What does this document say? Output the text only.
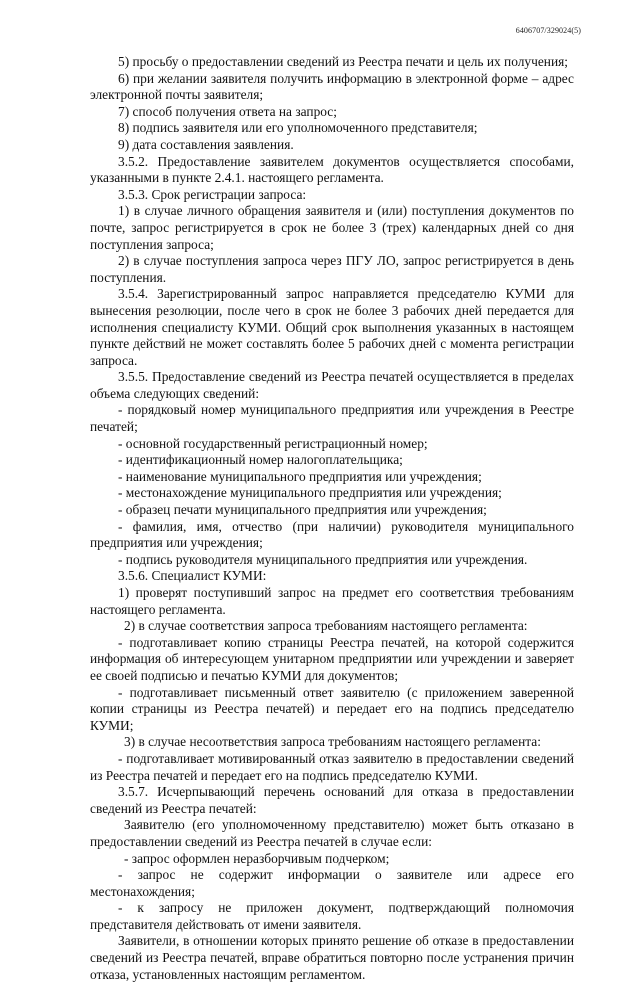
6406707/329024(5)

5) просьбу о предоставлении сведений из Реестра печати и цель их получения;

6) при желании заявителя получить информацию в электронной форме – адрес электронной почты заявителя;

7) способ получения ответа на запрос;

8) подпись заявителя или его уполномоченного представителя;

9) дата составления заявления.

3.5.2. Предоставление заявителем документов осуществляется способами, указанными в пункте 2.4.1. настоящего регламента.

3.5.3. Срок регистрации запроса:

1) в случае личного обращения заявителя и (или) поступления документов по почте, запрос регистрируется в срок не более 3 (трех) календарных дней со дня поступления запроса;

2) в случае поступления запроса через ПГУ ЛО, запрос регистрируется в день поступления.

3.5.4. Зарегистрированный запрос направляется председателю КУМИ для вынесения резолюции, после чего в срок не более 3 рабочих дней передается для исполнения специалисту КУМИ. Общий срок выполнения указанных в настоящем пункте действий не может составлять более 5 рабочих дней с момента регистрации запроса.

3.5.5. Предоставление сведений из Реестра печатей осуществляется в пределах объема следующих сведений:

- порядковый номер муниципального предприятия или учреждения в Реестре печатей;

- основной государственный регистрационный номер;

- идентификационный номер налогоплательщика;

- наименование муниципального предприятия или учреждения;

- местонахождение муниципального предприятия или учреждения;

- образец печати муниципального предприятия или учреждения;

- фамилия, имя, отчество (при наличии) руководителя муниципального предприятия или учреждения;

- подпись руководителя муниципального предприятия или учреждения.

3.5.6. Специалист КУМИ:

1) проверят поступивший запрос на предмет его соответствия требованиям настоящего регламента.

2) в случае соответствия запроса требованиям настоящего регламента:

- подготавливает копию страницы Реестра печатей, на которой содержится информация об интересующем унитарном предприятии или учреждении и заверяет ее своей подписью и печатью КУМИ для документов;

- подготавливает письменный ответ заявителю (с приложением заверенной копии страницы из Реестра печатей) и передает его на подпись председателю КУМИ;

3) в случае несоответствия запроса требованиям настоящего регламента:

- подготавливает мотивированный отказ заявителю в предоставлении сведений из Реестра печатей и передает его на подпись председателю КУМИ.

3.5.7. Исчерпывающий перечень оснований для отказа в предоставлении сведений из Реестра печатей:

Заявителю (его уполномоченному представителю) может быть отказано в предоставлении сведений из Реестра печатей в случае если:

- запрос оформлен неразборчивым подчерком;

- запрос не содержит информации о заявителе или адресе его местонахождения;

- к запросу не приложен документ, подтверждающий полномочия представителя действовать от имени заявителя.

Заявители, в отношении которых принято решение об отказе в предоставлении сведений из Реестра печатей, вправе обратиться повторно после устранения причин отказа, установленных настоящим регламентом.
